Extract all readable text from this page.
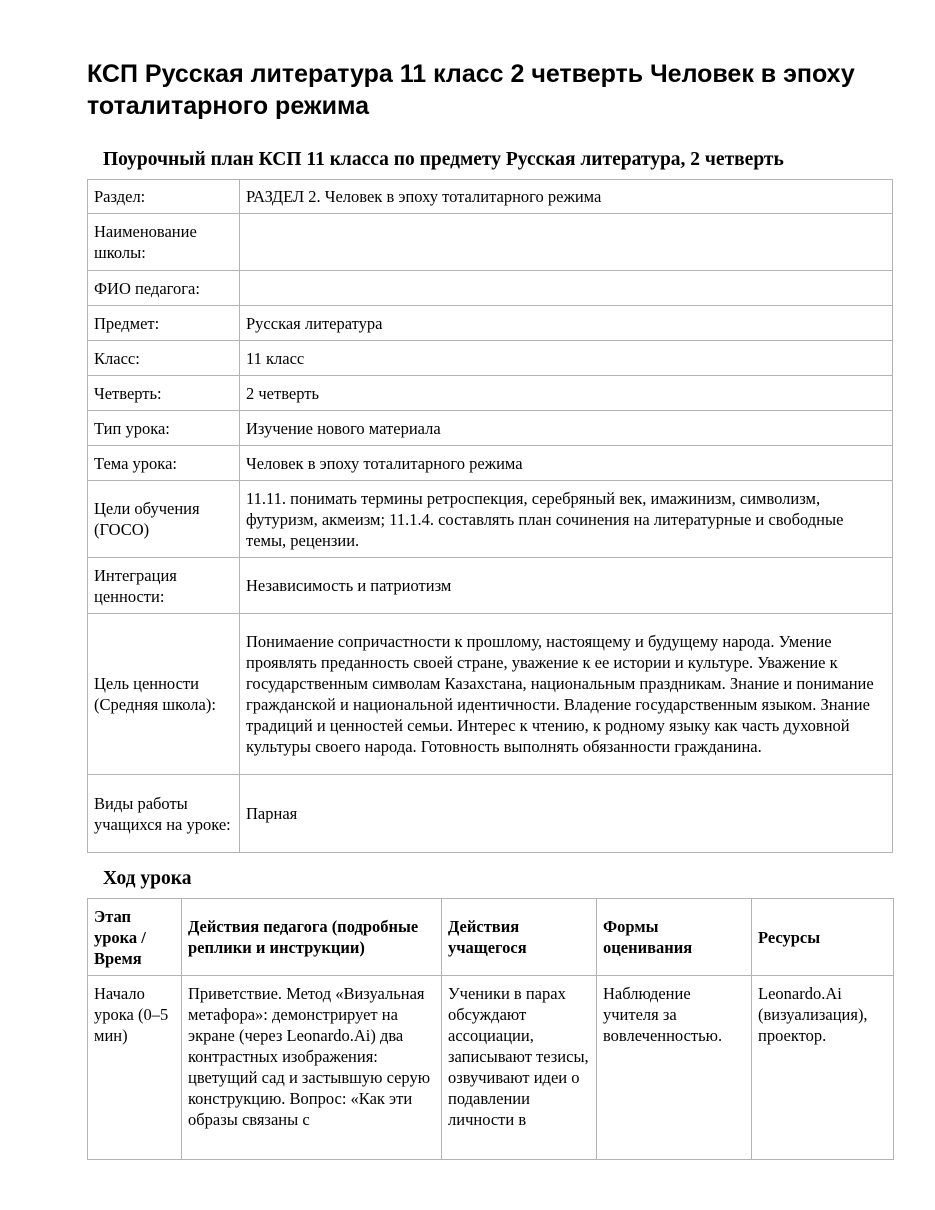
КСП Русская литература 11 класс 2 четверть Человек в эпоху тоталитарного режима
Поурочный план КСП 11 класса по предмету Русская литература, 2 четверть
Раздел:	РАЗДЕЛ 2. Человек в эпоху тоталитарного режима
Наименование школы:	
ФИО педагога:	
Предмет:	Русская литература
Класс:	11 класс
Четверть:	2 четверть
Тип урока:	Изучение нового материала
Тема урока:	Человек в эпоху тоталитарного режима
Цели обучения (ГОСО)	11.11. понимать термины ретроспекция, серебряный век, имажинизм, символизм, футуризм, акмеизм; 11.1.4. составлять план сочинения на литературные и свободные темы, рецензии.
Интеграция ценности:	Независимость и патриотизм
Цель ценности (Средняя школа):	Понимаение сопричастности к прошлому, настоящему и будущему народа. Умение проявлять преданность своей стране, уважение к ее истории и культуре. Уважение к государственным символам Казахстана, национальным праздникам. Знание и понимание гражданской и национальной идентичности. Владение государственным языком. Знание традиций и ценностей семьи. Интерес к чтению, к родному языку как часть духовной культуры своего народа. Готовность выполнять обязанности гражданина.
Виды работы учащихся на уроке:	Парная
Ход урока
Этап урока / Время	Действия педагога (подробные реплики и инструкции)	Действия учащегося	Формы оценивания	Ресурсы

Начало урока (0–5 мин)	Приветствие. Метод «Визуальная метафора»: демонстрирует на экране (через Leonardo.Ai) два контрастных изображения: цветущий сад и застывшую серую конструкцию. Вопрос: «Как эти образы связаны с	Ученики в парах обсуждают ассоциации, записывают тезисы, озвучивают идеи о подавлении личности в	Наблюдение учителя за вовлеченностью.	Leonardo.Ai (визуализация), проектор.
